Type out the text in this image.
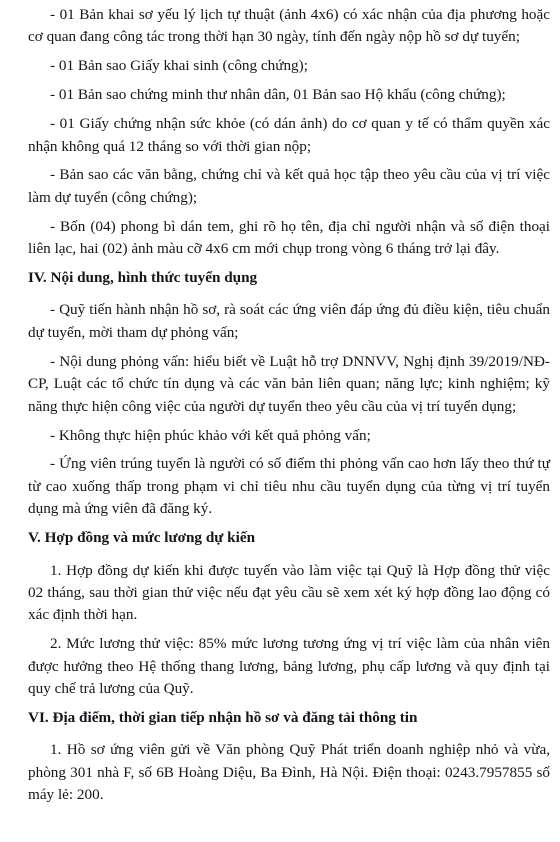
- 01 Bản khai sơ yếu lý lịch tự thuật (ảnh 4x6) có xác nhận của địa phương hoặc cơ quan đang công tác trong thời hạn 30 ngày, tính đến ngày nộp hồ sơ dự tuyển;

- 01 Bản sao Giấy khai sinh (công chứng);

- 01 Bản sao chứng minh thư nhân dân, 01 Bản sao Hộ khẩu (công chứng);

- 01 Giấy chứng nhận sức khỏe (có dán ảnh) do cơ quan y tế có thẩm quyền xác nhận không quá 12 tháng so với thời gian nộp;

- Bản sao các văn bằng, chứng chỉ và kết quả học tập theo yêu cầu của vị trí việc làm dự tuyển (công chứng);

- Bốn (04) phong bì dán tem, ghi rõ họ tên, địa chỉ người nhận và số điện thoại liên lạc, hai (02) ảnh màu cỡ 4x6 cm mới chụp trong vòng 6 tháng trở lại đây.

IV. Nội dung, hình thức tuyển dụng

- Quỹ tiến hành nhận hồ sơ, rà soát các ứng viên đáp ứng đủ điều kiện, tiêu chuẩn dự tuyển, mời tham dự phỏng vấn;

- Nội dung phỏng vấn: hiểu biết về Luật hỗ trợ DNNVV, Nghị định 39/2019/NĐ-CP, Luật các tổ chức tín dụng và các văn bản liên quan; năng lực; kinh nghiệm; kỹ năng thực hiện công việc của người dự tuyển theo yêu cầu của vị trí tuyển dụng;

- Không thực hiện phúc khảo với kết quả phỏng vấn;

- Ứng viên trúng tuyển là người có số điểm thi phỏng vấn cao hơn lấy theo thứ tự từ cao xuống thấp trong phạm vi chỉ tiêu nhu cầu tuyển dụng của từng vị trí tuyển dụng mà ứng viên đã đăng ký.

V. Hợp đồng và mức lương dự kiến

1. Hợp đồng dự kiến khi được tuyển vào làm việc tại Quỹ là Hợp đồng thử việc 02 tháng, sau thời gian thử việc nếu đạt yêu cầu sẽ xem xét ký hợp đồng lao động có xác định thời hạn.

2. Mức lương thử việc: 85% mức lương tương ứng vị trí việc làm của nhân viên được hưởng theo Hệ thống thang lương, bảng lương, phụ cấp lương và quy định tại quy chế trả lương của Quỹ.

VI. Địa điểm, thời gian tiếp nhận hồ sơ và đăng tải thông tin

1. Hồ sơ ứng viên gửi về Văn phòng Quỹ Phát triển doanh nghiệp nhỏ và vừa, phòng 301 nhà F, số 6B Hoàng Diệu, Ba Đình, Hà Nội. Điện thoại: 0243.7957855 số máy lẻ: 200.
